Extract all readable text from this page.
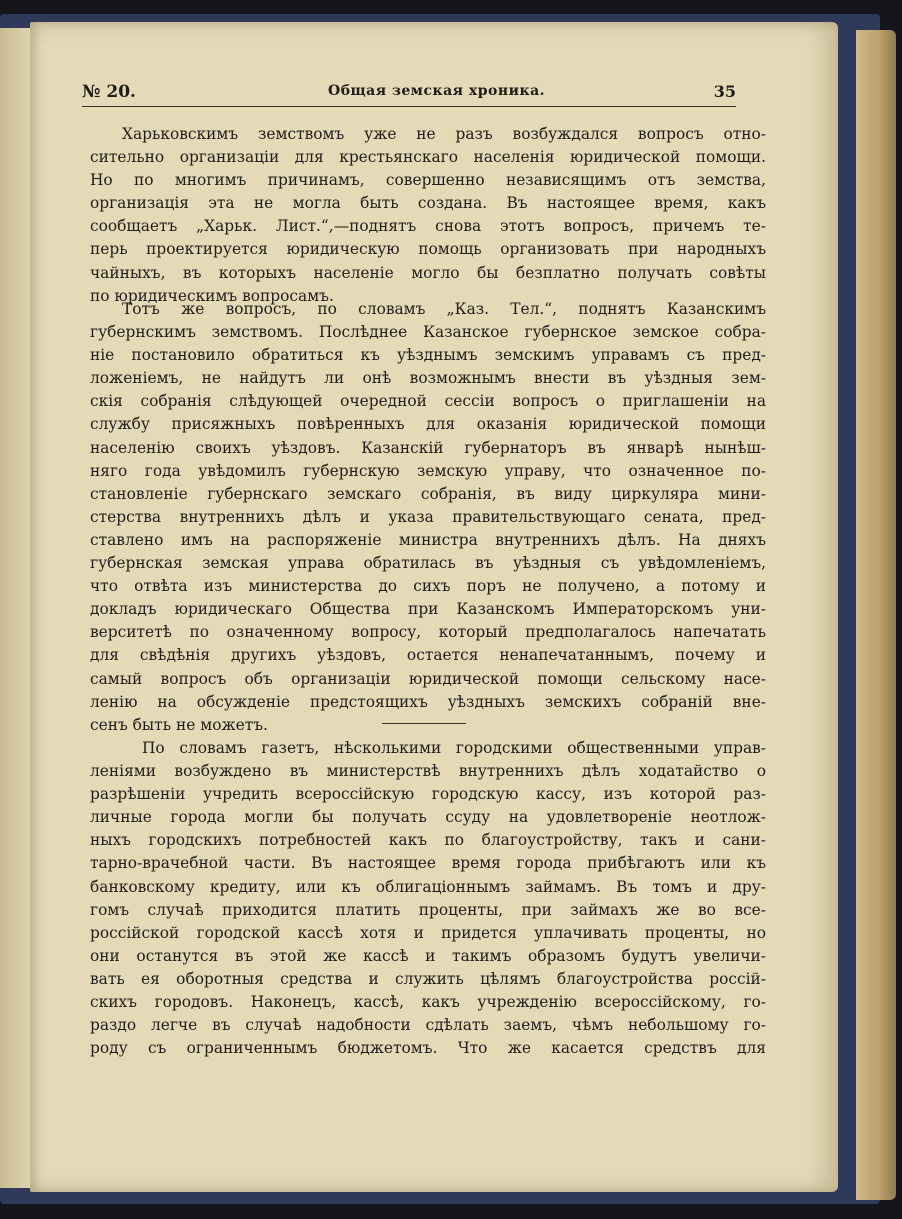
№ 20.	Общая земская хроника.	35
Харьковскимъ земствомъ уже не разъ возбуждался вопросъ отно-
сительно организаціи для крестьянскаго населенія юридической помощи.
Но по многимъ причинамъ, совершенно независящимъ отъ земства,
организація эта не могла быть создана. Въ настоящее время, какъ
сообщаетъ „Харьк. Лист.“,—поднятъ снова этотъ вопросъ, причемъ те-
перь проектируется юридическую помощь организовать при народныхъ
чайныхъ, въ которыхъ населеніе могло бы безплатно получать совѣты
по юридическимъ вопросамъ.
Тотъ же вопросъ, по словамъ „Каз. Тел.“, поднятъ Казанскимъ
губернскимъ земствомъ. Послѣднее Казанское губернское земское собра-
ніе постановило обратиться къ уѣзднымъ земскимъ управамъ съ пред-
ложеніемъ, не найдутъ ли онѣ возможнымъ внести въ уѣздныя зем-
скія собранія слѣдующей очередной сессіи вопросъ о приглашеніи на
службу присяжныхъ повѣренныхъ для оказанія юридической помощи
населенію своихъ уѣздовъ. Казанскій губернаторъ въ январѣ нынѣш-
няго года увѣдомилъ губернскую земскую управу, что означенное по-
становленіе губернскаго земскаго собранія, въ виду циркуляра мини-
стерства внутреннихъ дѣлъ и указа правительствующаго сената, пред-
ставлено имъ на распоряженіе министра внутреннихъ дѣлъ. На дняхъ
губернская земская управа обратилась въ уѣздныя съ увѣдомленіемъ,
что отвѣта изъ министерства до сихъ поръ не получено, а потому и
докладъ юридическаго Общества при Казанскомъ Императорскомъ уни-
верситетѣ по означенному вопросу, который предполагалось напечатать
для свѣдѣнія другихъ уѣздовъ, остается ненапечатаннымъ, почему и
самый вопросъ объ организаціи юридической помощи сельскому насе-
ленію на обсужденіе предстоящихъ уѣздныхъ земскихъ собраній вне-
сенъ быть не можетъ.
По словамъ газетъ, нѣсколькими городскими общественными управ-
леніями возбуждено въ министерствѣ внутреннихъ дѣлъ ходатайство о
разрѣшеніи учредить всероссійскую городскую кассу, изъ которой раз-
личные города могли бы получать ссуду на удовлетвореніе неотлож-
ныхъ городскихъ потребностей какъ по благоустройству, такъ и сани-
тарно-врачебной части. Въ настоящее время города прибѣгаютъ или къ
банковскому кредиту, или къ облигаціоннымъ займамъ. Въ томъ и дру-
гомъ случаѣ приходится платить проценты, при займахъ же во все-
россійской городской кассѣ хотя и придется уплачивать проценты, но
они останутся въ этой же кассѣ и такимъ образомъ будутъ увеличи-
вать ея оборотныя средства и служить цѣлямъ благоустройства россій-
скихъ городовъ. Наконецъ, кассѣ, какъ учрежденію всероссійскому, го-
раздо легче въ случаѣ надобности сдѣлать заемъ, чѣмъ небольшому го-
роду съ ограниченнымъ бюджетомъ. Что же касается средствъ для
